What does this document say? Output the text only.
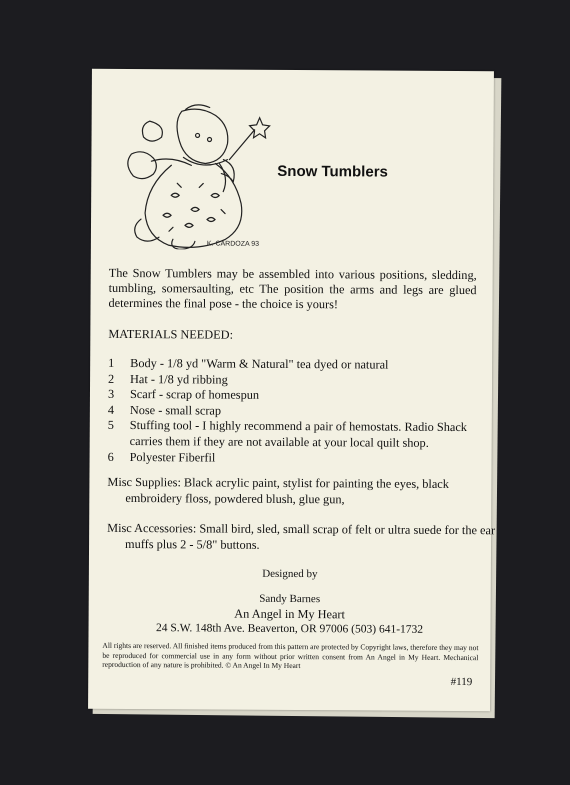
K. CARDOZA 93
Snow Tumblers

The Snow Tumblers may be assembled into various positions, sledding, tumbling, somersaulting, etc The position the arms and legs are glued determines the final pose - the choice is yours!

MATERIALS NEEDED:
1	Body - 1/8 yd "Warm & Natural" tea dyed or natural
2	Hat - 1/8 yd ribbing
3	Scarf - scrap of homespun
4	Nose - small scrap
5	Stuffing tool - I highly recommend a pair of hemostats. Radio Shack carries them if they are not available at your local quilt shop.
6	Polyester Fiberfil

Misc Supplies: Black acrylic paint, stylist for painting the eyes, black embroidery floss, powdered blush, glue gun,

Misc Accessories: Small bird, sled, small scrap of felt or ultra suede for the ear muffs plus 2 - 5/8" buttons.

Designed by
Sandy Barnes
An Angel in My Heart
24 S.W. 148th Ave. Beaverton, OR 97006 (503) 641-1732

All rights are reserved. All finished items produced from this pattern are protected by Copyright laws, therefore they may not be reproduced for commercial use in any form without prior written consent from An Angel in My Heart. Mechanical reproduction of any nature is prohibited. © An Angel In My Heart

#119
